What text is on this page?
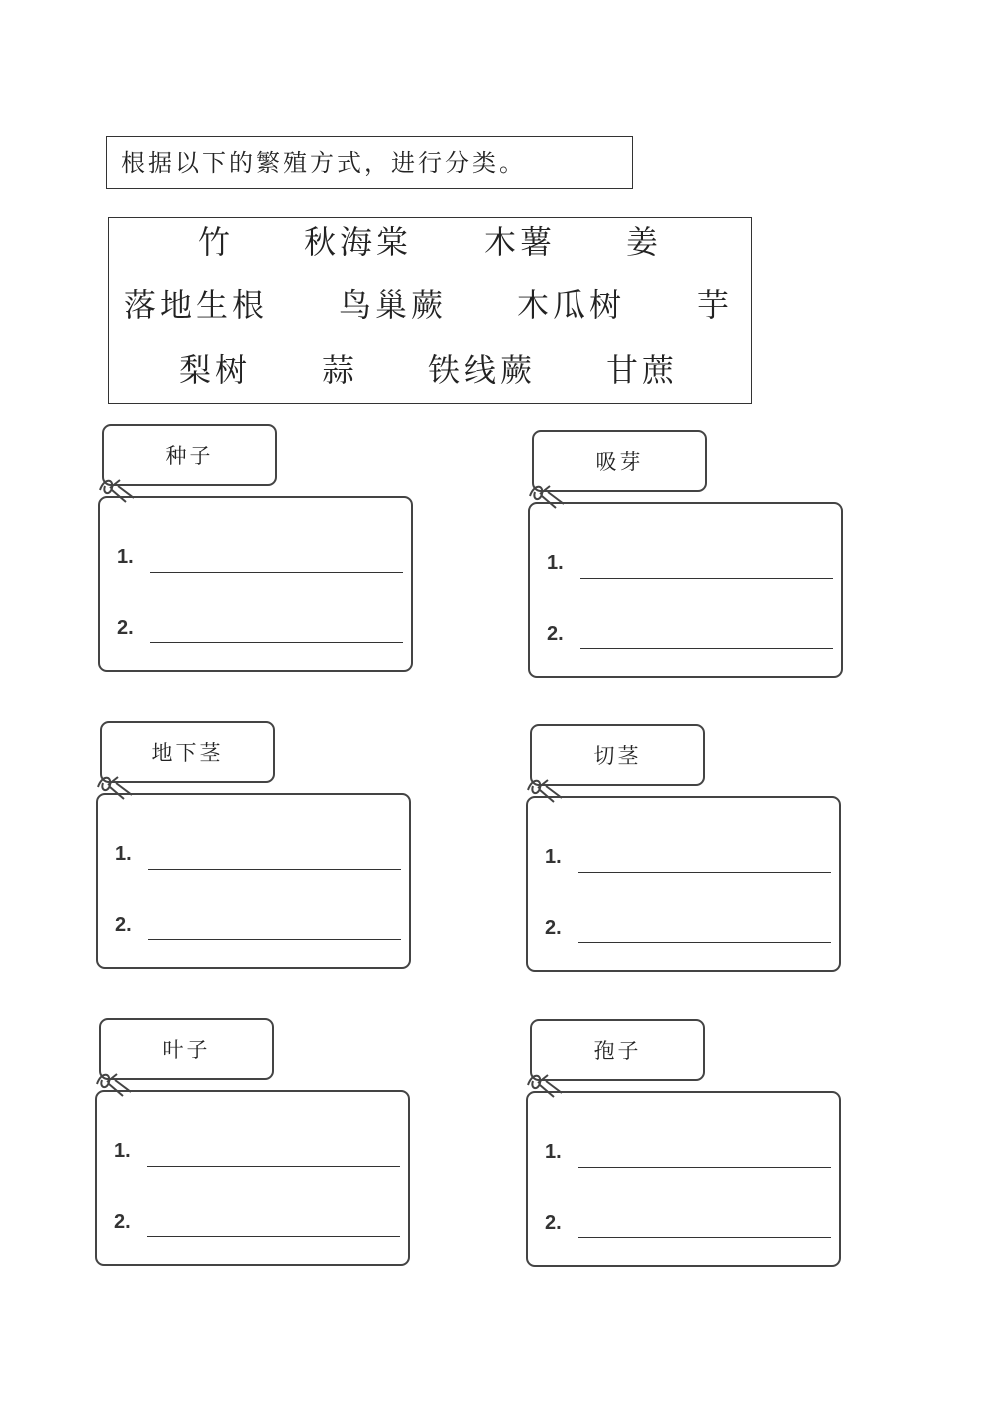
根据以下的繁殖方式，进行分类。
竹 秋海棠 木薯 姜
落地生根 鸟巢蕨 木瓜树 芋
梨树 蒜 铁线蕨 甘蔗
种子
1.
2.
吸芽
1.
2.
地下茎
1.
2.
切茎
1.
2.
叶子
1.
2.
孢子
1.
2.
